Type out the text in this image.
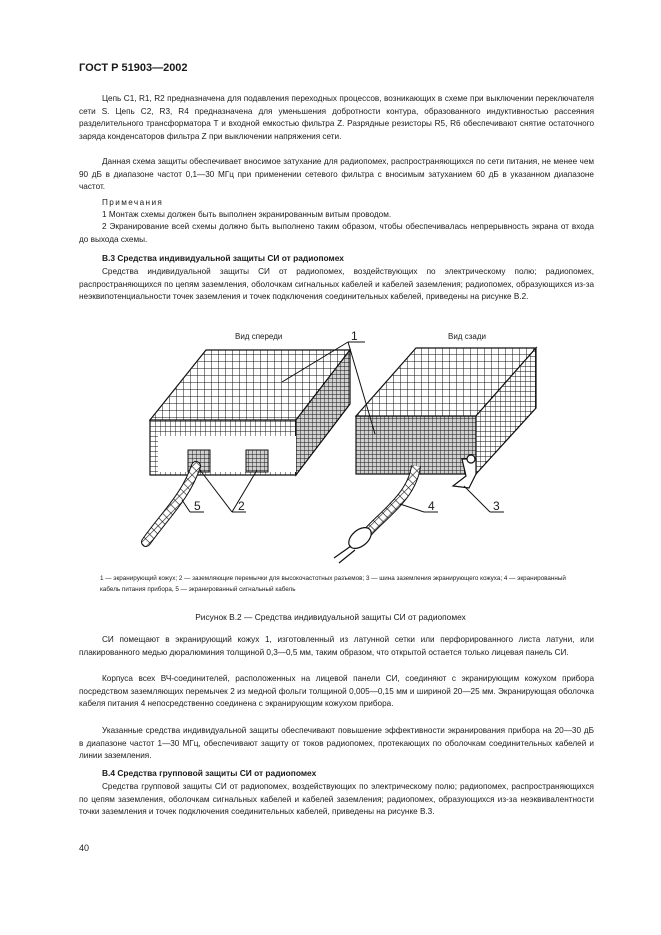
ГОСТ Р 51903—2002

Цепь С1, R1, R2 предназначена для подавления переходных процессов, возникающих в схеме при выключении переключателя сети S. Цепь С2, R3, R4 предназначена для уменьшения добротности контура, образованного индуктивностью рассеяния разделительного трансформатора Т и входной емкостью фильтра Z. Разрядные резисторы R5, R6 обеспечивают снятие остаточного заряда конденсаторов фильтра Z при выключении напряжения сети.

Данная схема защиты обеспечивает вносимое затухание для радиопомех, распространяющихся по сети питания, не менее чем 90 дБ в диапазоне частот 0,1—30 МГц при применении сетевого фильтра с вносимым затуханием 60 дБ в указанном диапазоне частот.

Примечания

1 Монтаж схемы должен быть выполнен экранированным витым проводом.

2 Экранирование всей схемы должно быть выполнено таким образом, чтобы обеспечивалась непрерывность экрана от входа до выхода схемы.

В.3 Средства индивидуальной защиты СИ от радиопомех

Средства индивидуальной защиты СИ от радиопомех, воздействующих по электрическому полю; радиопомех, распространяющихся по цепям заземления, оболочкам сигнальных кабелей и кабелей заземления; радиопомех, образующихся из-за неэквипотенциальности точек заземления и точек подключения соединительных кабелей, приведены на рисунке В.2.

Вид спереди	Вид сзади
1
2	3
4
5

1 — экранирующий кожух; 2 — заземляющие перемычки для высокочастотных разъемов; 3 — шина заземления экранирующего кожуха; 4 — экранированный кабель питания прибора, 5 — экранированный сигнальный кабель

Рисунок В.2 — Средства индивидуальной защиты СИ от радиопомех

СИ помещают в экранирующий кожух 1, изготовленный из латунной сетки или перфорированного листа латуни, или плакированного медью дюралюминия толщиной 0,3—0,5 мм, таким образом, что открытой остается только лицевая панель СИ.

Корпуса всех ВЧ-соединителей, расположенных на лицевой панели СИ, соединяют с экранирующим кожухом прибора посредством заземляющих перемычек 2 из медной фольги толщиной 0,005—0,15 мм и шириной 20—25 мм. Экранирующая оболочка кабеля питания 4 непосредственно соединена с экранирующим кожухом прибора.

Указанные средства индивидуальной защиты обеспечивают повышение эффективности экранирования прибора на 20—30 дБ в диапазоне частот 1—30 МГц, обеспечивают защиту от токов радиопомех, протекающих по оболочкам соединительных кабелей и линии заземления.

В.4 Средства групповой защиты СИ от радиопомех

Средства групповой защиты СИ от радиопомех, воздействующих по электрическому полю; радиопомех, распространяющихся по цепям заземления, оболочкам сигнальных кабелей и кабелей заземления; радиопомех, образующихся из-за неэквивалентности точки заземления и точек подключения соединительных кабелей, приведены на рисунке В.3.

40
